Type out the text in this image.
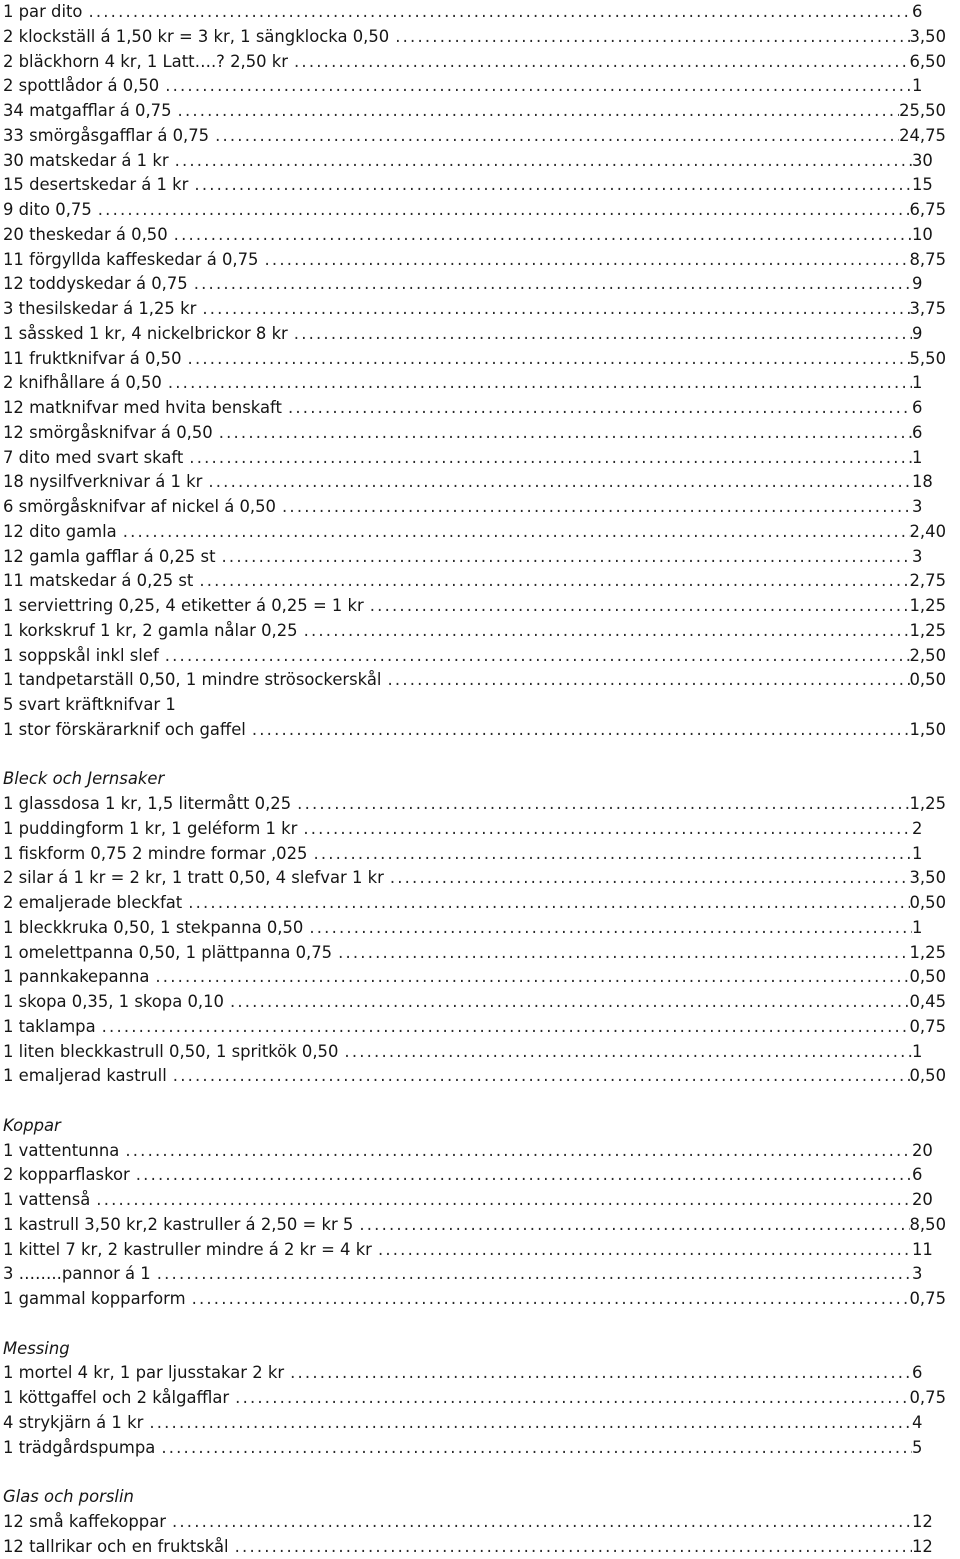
1 par dito .....	6
2 klockställ á 1,50 kr = 3 kr, 1 sängklocka 0,50 .....	3,50
2 bläckhorn 4 kr, 1 Latt….? 2,50 kr .....	6,50
2 spottlådor á 0,50 .....	1
34 matgafflar á 0,75 .....	25,50
33 smörgåsgafflar á 0,75 .....	24,75
30 matskedar á 1 kr .....	30
15 desertskedar á 1 kr .....	15
9 dito 0,75 .....	6,75
20 theskedar á 0,50 .....	10
11 förgyllda kaffeskedar á 0,75 .....	8,75
12 toddyskedar á 0,75 .....	9
3 thesilskedar á 1,25 kr .....	3,75
1 såssked 1 kr, 4 nickelbrickor 8 kr .....	9
11 fruktknifvar á 0,50 .....	5,50
2 knifhållare á 0,50 .....	1
12 matknifvar med hvita benskaft .....	6
12 smörgåsknifvar á 0,50 .....	6
7 dito med svart skaft .....	1
18 nysilfverknivar á 1 kr .....	18
6 smörgåsknifvar af nickel á 0,50 .....	3
12 dito gamla .....	2,40
12 gamla gafflar á 0,25 st .....	3
11 matskedar á 0,25 st .....	2,75
1 serviettring 0,25, 4 etiketter á 0,25 = 1 kr .....	1,25
1 korkskruf 1 kr, 2 gamla nålar 0,25 .....	1,25
1 soppskål inkl slef .....	2,50
1 tandpetarställ 0,50, 1 mindre strösockerskål .....	0,50
5 svart kräftknifvar 1
1 stor förskärarknif och gaffel .....	1,50
Bleck och Jernsaker
1 glassdosa 1 kr, 1,5 litermått 0,25 .....	1,25
1 puddingform 1 kr, 1 geléform 1 kr .....	2
1 fiskform 0,75 2 mindre formar ,025 .....	1
2 silar á 1 kr = 2 kr, 1 tratt 0,50, 4 slefvar 1 kr .....	3,50
2 emaljerade bleckfat .....	0,50
1 bleckkruka 0,50, 1 stekpanna 0,50 .....	1
1 omelettpanna 0,50, 1 plättpanna 0,75 .....	1,25
1 pannkakepanna .....	0,50
1 skopa 0,35, 1 skopa 0,10 .....	0,45
1 taklampa .....	0,75
1 liten bleckkastrull 0,50, 1 spritkök 0,50 .....	1
1 emaljerad kastrull .....	0,50
Koppar
1 vattentunna .....	20
2 kopparflaskor .....	6
1 vattenså .....	20
1 kastrull 3,50 kr,2 kastruller á 2,50 = kr 5 .....	8,50
1 kittel 7 kr, 2 kastruller mindre á 2 kr = 4 kr .....	11
3 ……..pannor á 1 .....	3
1 gammal kopparform .....	0,75
Messing
1 mortel 4 kr, 1 par ljusstakar 2 kr .....	6
1 köttgaffel och 2 kålgafflar .....	0,75
4 strykjärn á 1 kr .....	4
1 trädgårdspumpa .....	5
Glas och porslin
12 små kaffekoppar .....	12
12 tallrikar och en fruktskål .....	12
